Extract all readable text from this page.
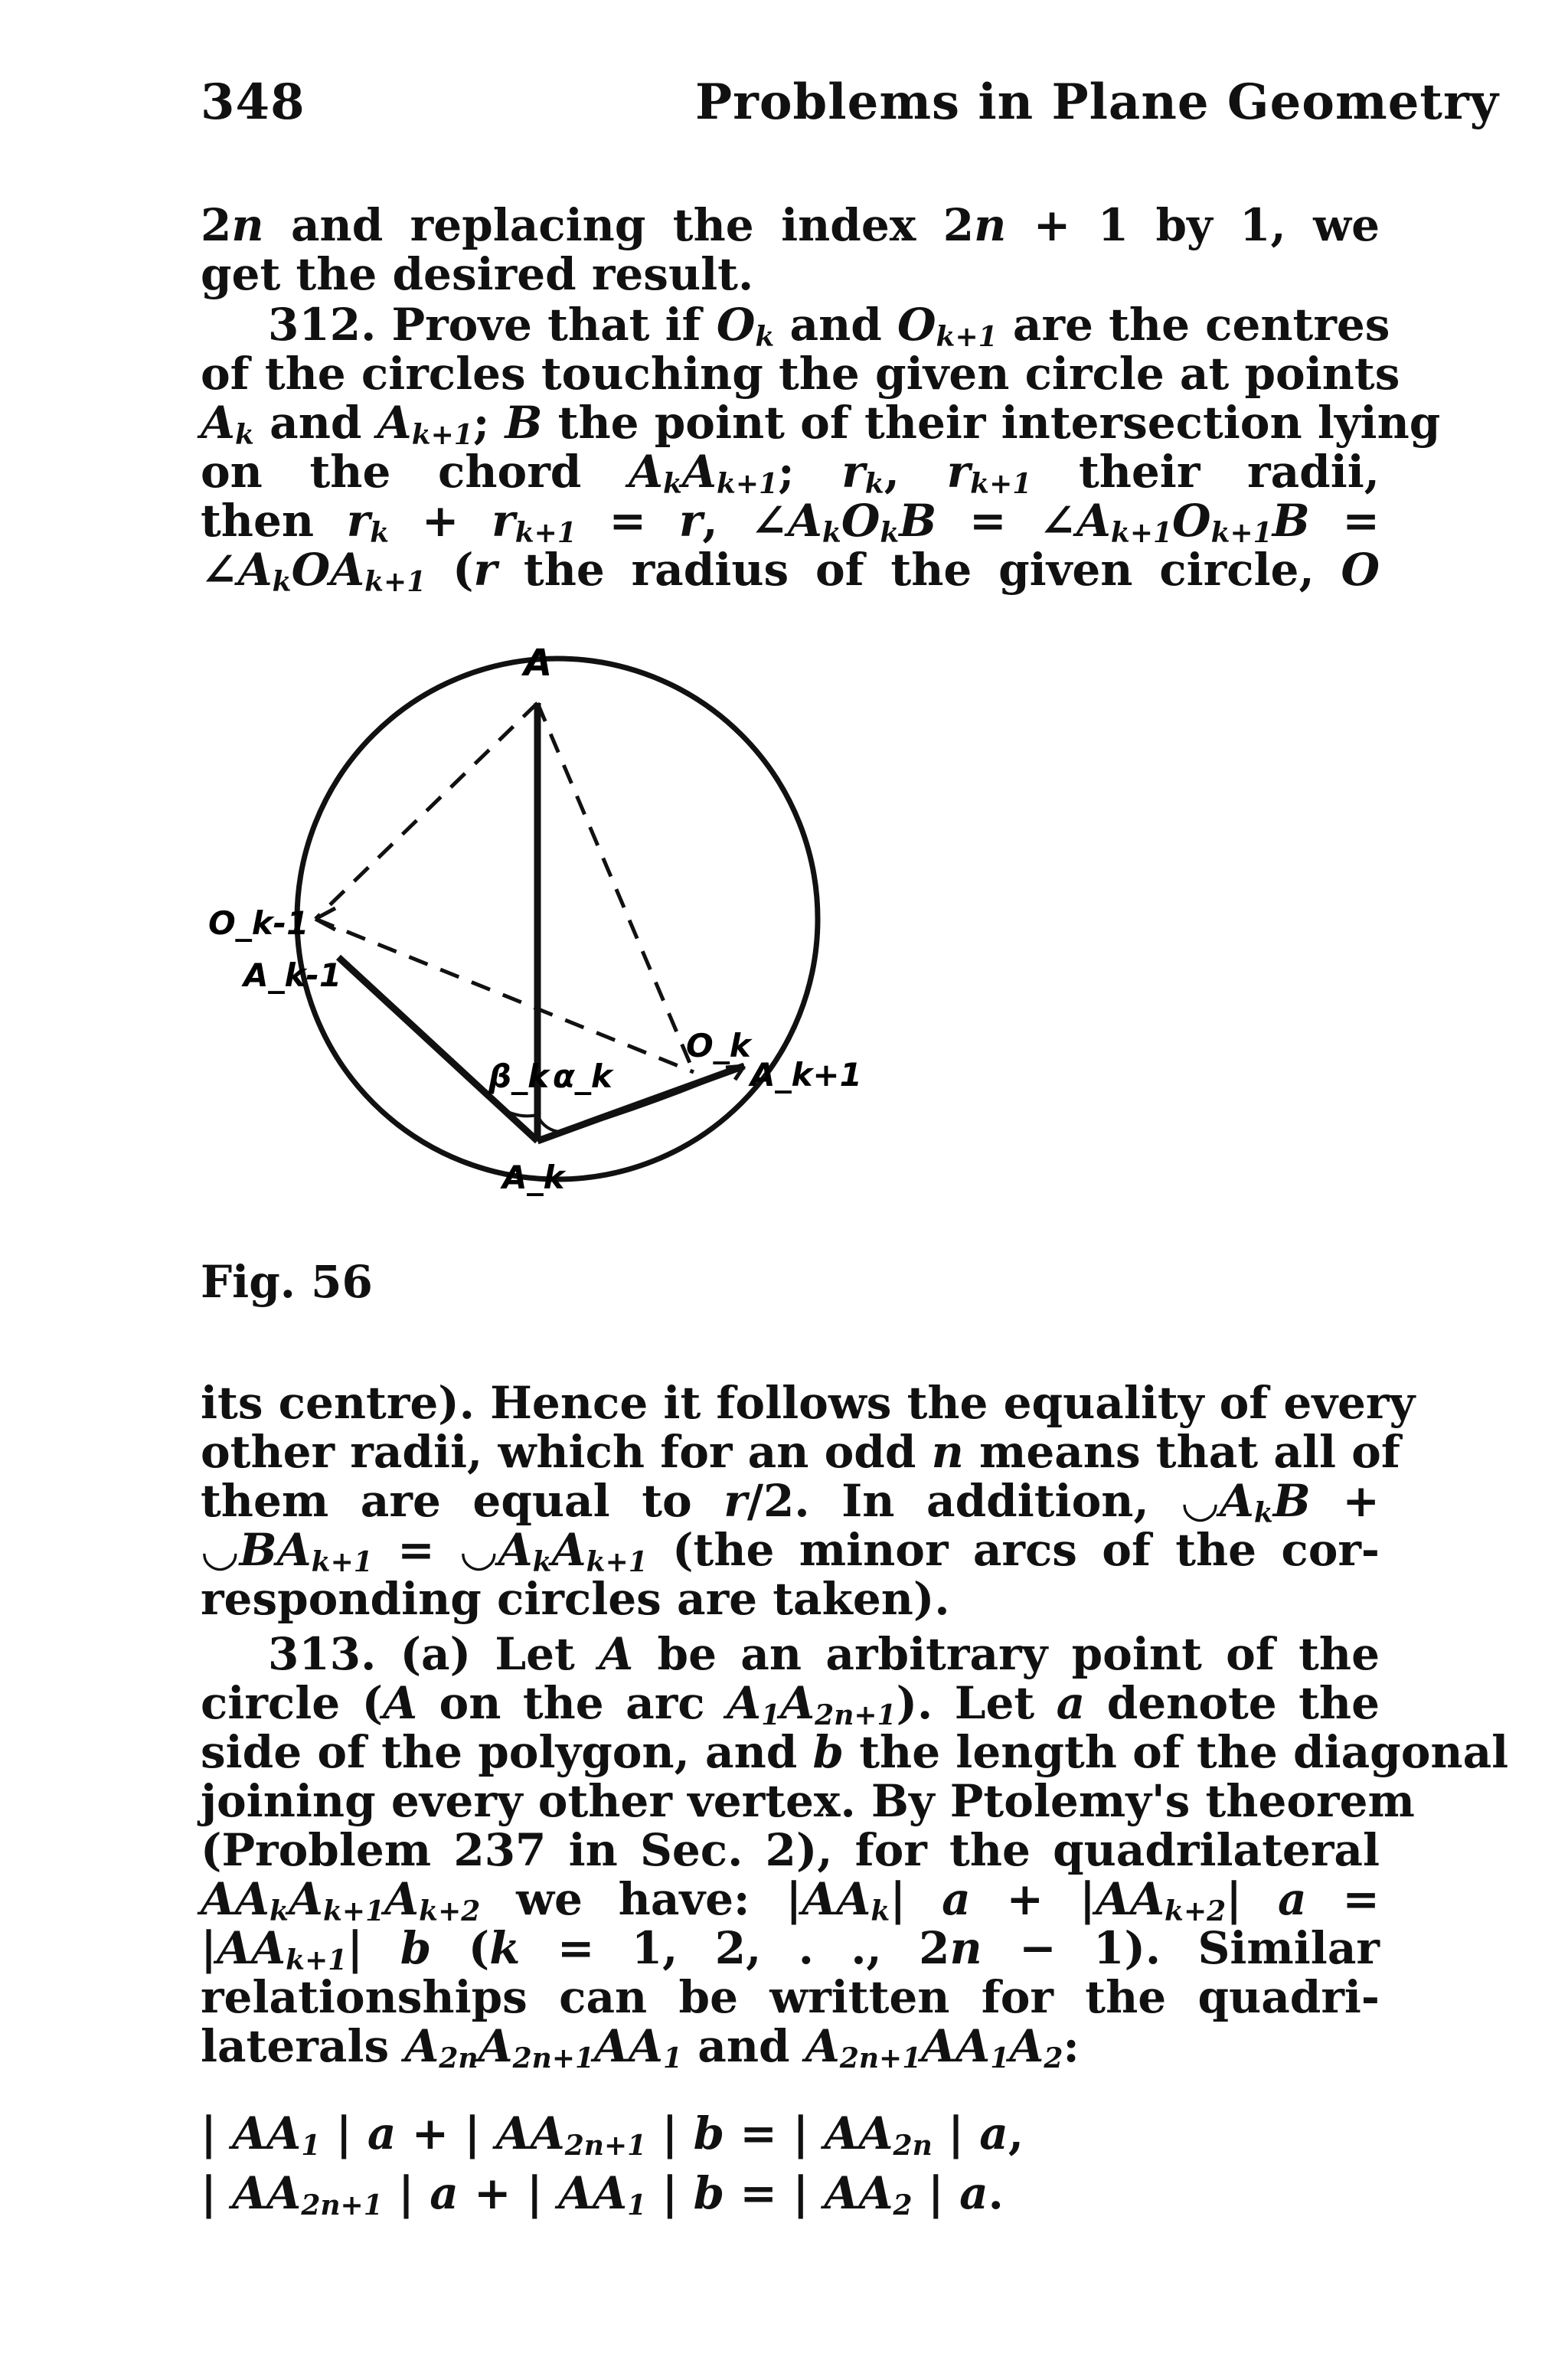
348	Problems in Plane Geometry
2n and replacing the index 2n + 1 by 1, we
get the desired result.
312. Prove that if $O_k$ and $O_{k+1}$ are the centres
of the circles touching the given circle at points
$A_k$ and $A_{k+1}$; B the point of their intersection lying
on the chord $A_kA_{k+1}$; $r_k$, $r_{k+1}$ their radii,
then $r_k + r_{k+1} = r$, $\angle A_kO_kB$ = $\angle A_{k+1}O_{k+1}B$ =
$\angle A_kOA_{k+1}$ (r the radius of the given circle, O
A
O_k-1
A_k-1
A_k
A_k+1
O_k
β_k α_k
Fig. 56
its centre). Hence it follows the equality of every
other radii, which for an odd n means that all of
them are equal to r/2. In addition, $◡A_kB$ +
$◡BA_{k+1}$ = $◡A_kA_{k+1}$ (the minor arcs of the cor-
responding circles are taken).
313. (a) Let A be an arbitrary point of the
circle (A on the arc $A_1A_{2n+1}$). Let a denote the
side of the polygon, and b the length of the diagonal
joining every other vertex. By Ptolemy's theorem
(Problem 237 in Sec. 2), for the quadrilateral
$AA_kA_{k+1}A_{k+2}$ we have: $|AA_k|$ $a + |AA_{k+2}|$ a =
$|AA_{k+1}|$ b (k = 1, 2, . ., 2n − 1). Similar
relationships can be written for the quadri-
laterals $A_{2n}A_{2n+1}AA_1$ and $A_{2n+1}AA_1A_2$:
| $AA_1$ | a + | $AA_{2n+1}$ | b = | $AA_{2n}$ | a,
| $AA_{2n+1}$ | a + | $AA_1$ | b = | $AA_2$ | a.
